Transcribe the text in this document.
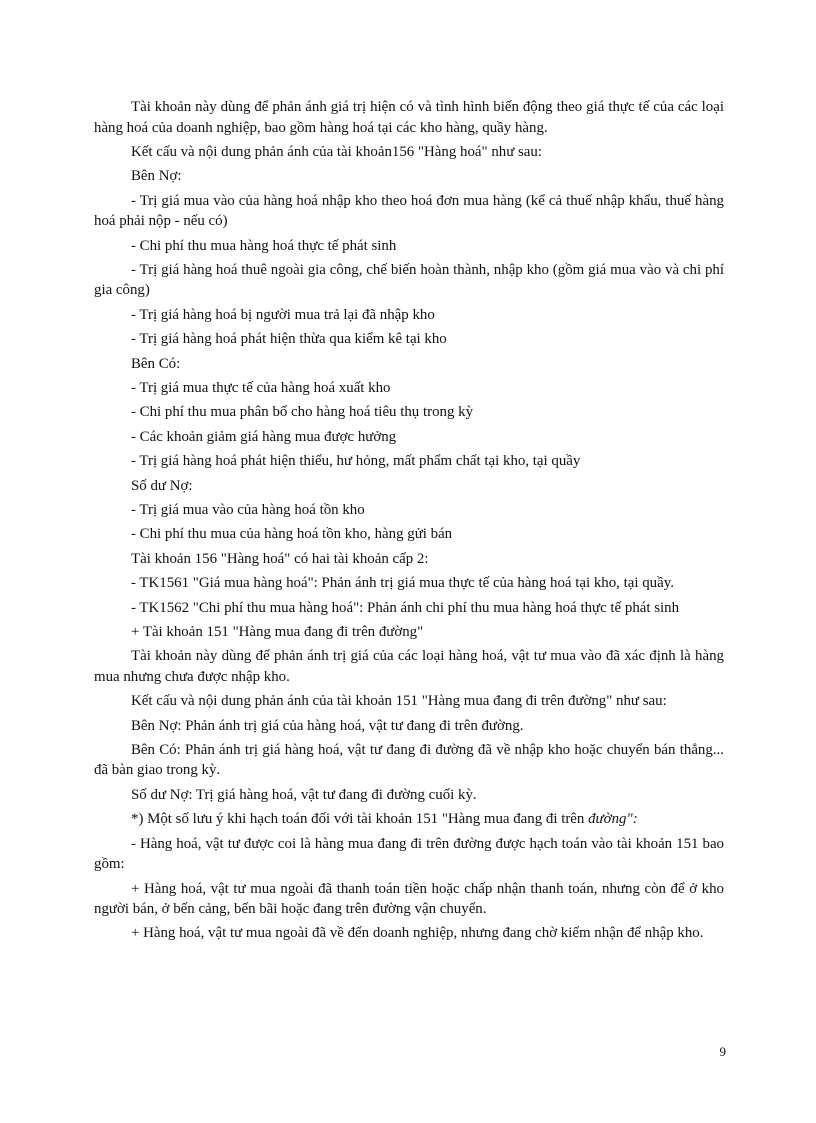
Tài khoản này dùng để phản ánh giá trị hiện có và tình hình biến động theo giá thực tế của các loại hàng hoá của doanh nghiệp, bao gồm hàng hoá tại các kho hàng, quầy hàng.

Kết cấu và nội dung phản ánh của tài khoản156 "Hàng hoá" như sau:

Bên Nợ:

- Trị giá mua vào của hàng hoá nhập kho theo hoá đơn mua hàng (kể cả thuế nhập khẩu, thuế hàng hoá phải nộp - nếu có)

- Chi phí thu mua hàng hoá thực tế phát sinh

- Trị giá hàng hoá thuê ngoài gia công, chế biến hoàn thành, nhập kho (gồm giá mua vào và chi phí gia công)

- Trị giá hàng hoá bị người mua trả lại đã nhập kho

- Trị giá hàng hoá phát hiện thừa qua kiểm kê tại kho

Bên Có:

- Trị giá mua thực tế của hàng hoá xuất kho

- Chi phí thu mua phân bổ cho hàng hoá tiêu thụ trong kỳ

- Các khoản giảm giá hàng mua được hưởng

- Trị giá hàng hoá phát hiện thiếu, hư hỏng, mất phẩm chất tại kho, tại quầy

Số dư Nợ:

- Trị giá mua vào của hàng hoá tồn kho

- Chi phí thu mua của hàng hoá tồn kho, hàng gửi bán

Tài khoản 156 "Hàng hoá" có hai tài khoản cấp 2:

- TK1561 "Giá mua hàng hoá": Phản ánh trị giá mua thực tế của hàng hoá tại kho, tại quầy.

- TK1562 "Chi phí thu mua hàng hoá": Phản ánh chi phí thu mua hàng hoá thực tế phát sinh

+ Tài khoản 151 "Hàng mua đang đi trên đường"

Tài khoản này dùng để phản ánh trị giá của các loại hàng hoá, vật tư mua vào đã xác định là hàng mua nhưng chưa được nhập kho.

Kết cấu và nội dung phản ánh của tài khoản 151 "Hàng mua đang đi trên đường" như sau:

Bên Nợ: Phản ánh trị giá của hàng hoá, vật tư đang đi trên đường.

Bên Có: Phản ánh trị giá hàng hoá, vật tư đang đi đường đã về nhập kho hoặc chuyển bán thẳng... đã bàn giao trong kỳ.

Số dư Nợ: Trị giá hàng hoá, vật tư đang đi đường cuối kỳ.

*) Một số lưu ý khi hạch toán đối với tài khoản 151 "Hàng mua đang đi trên đường":

- Hàng hoá, vật tư được coi là hàng mua đang đi trên đường được hạch toán vào tài khoản 151 bao gồm:

+ Hàng hoá, vật tư mua ngoài đã thanh toán tiền hoặc chấp nhận thanh toán, nhưng còn để ở kho người bán, ở bến cảng, bến bãi hoặc đang trên đường vận chuyển.

+ Hàng hoá, vật tư mua ngoài đã về đến doanh nghiệp, nhưng đang chờ kiểm nhận để nhập kho.

9
